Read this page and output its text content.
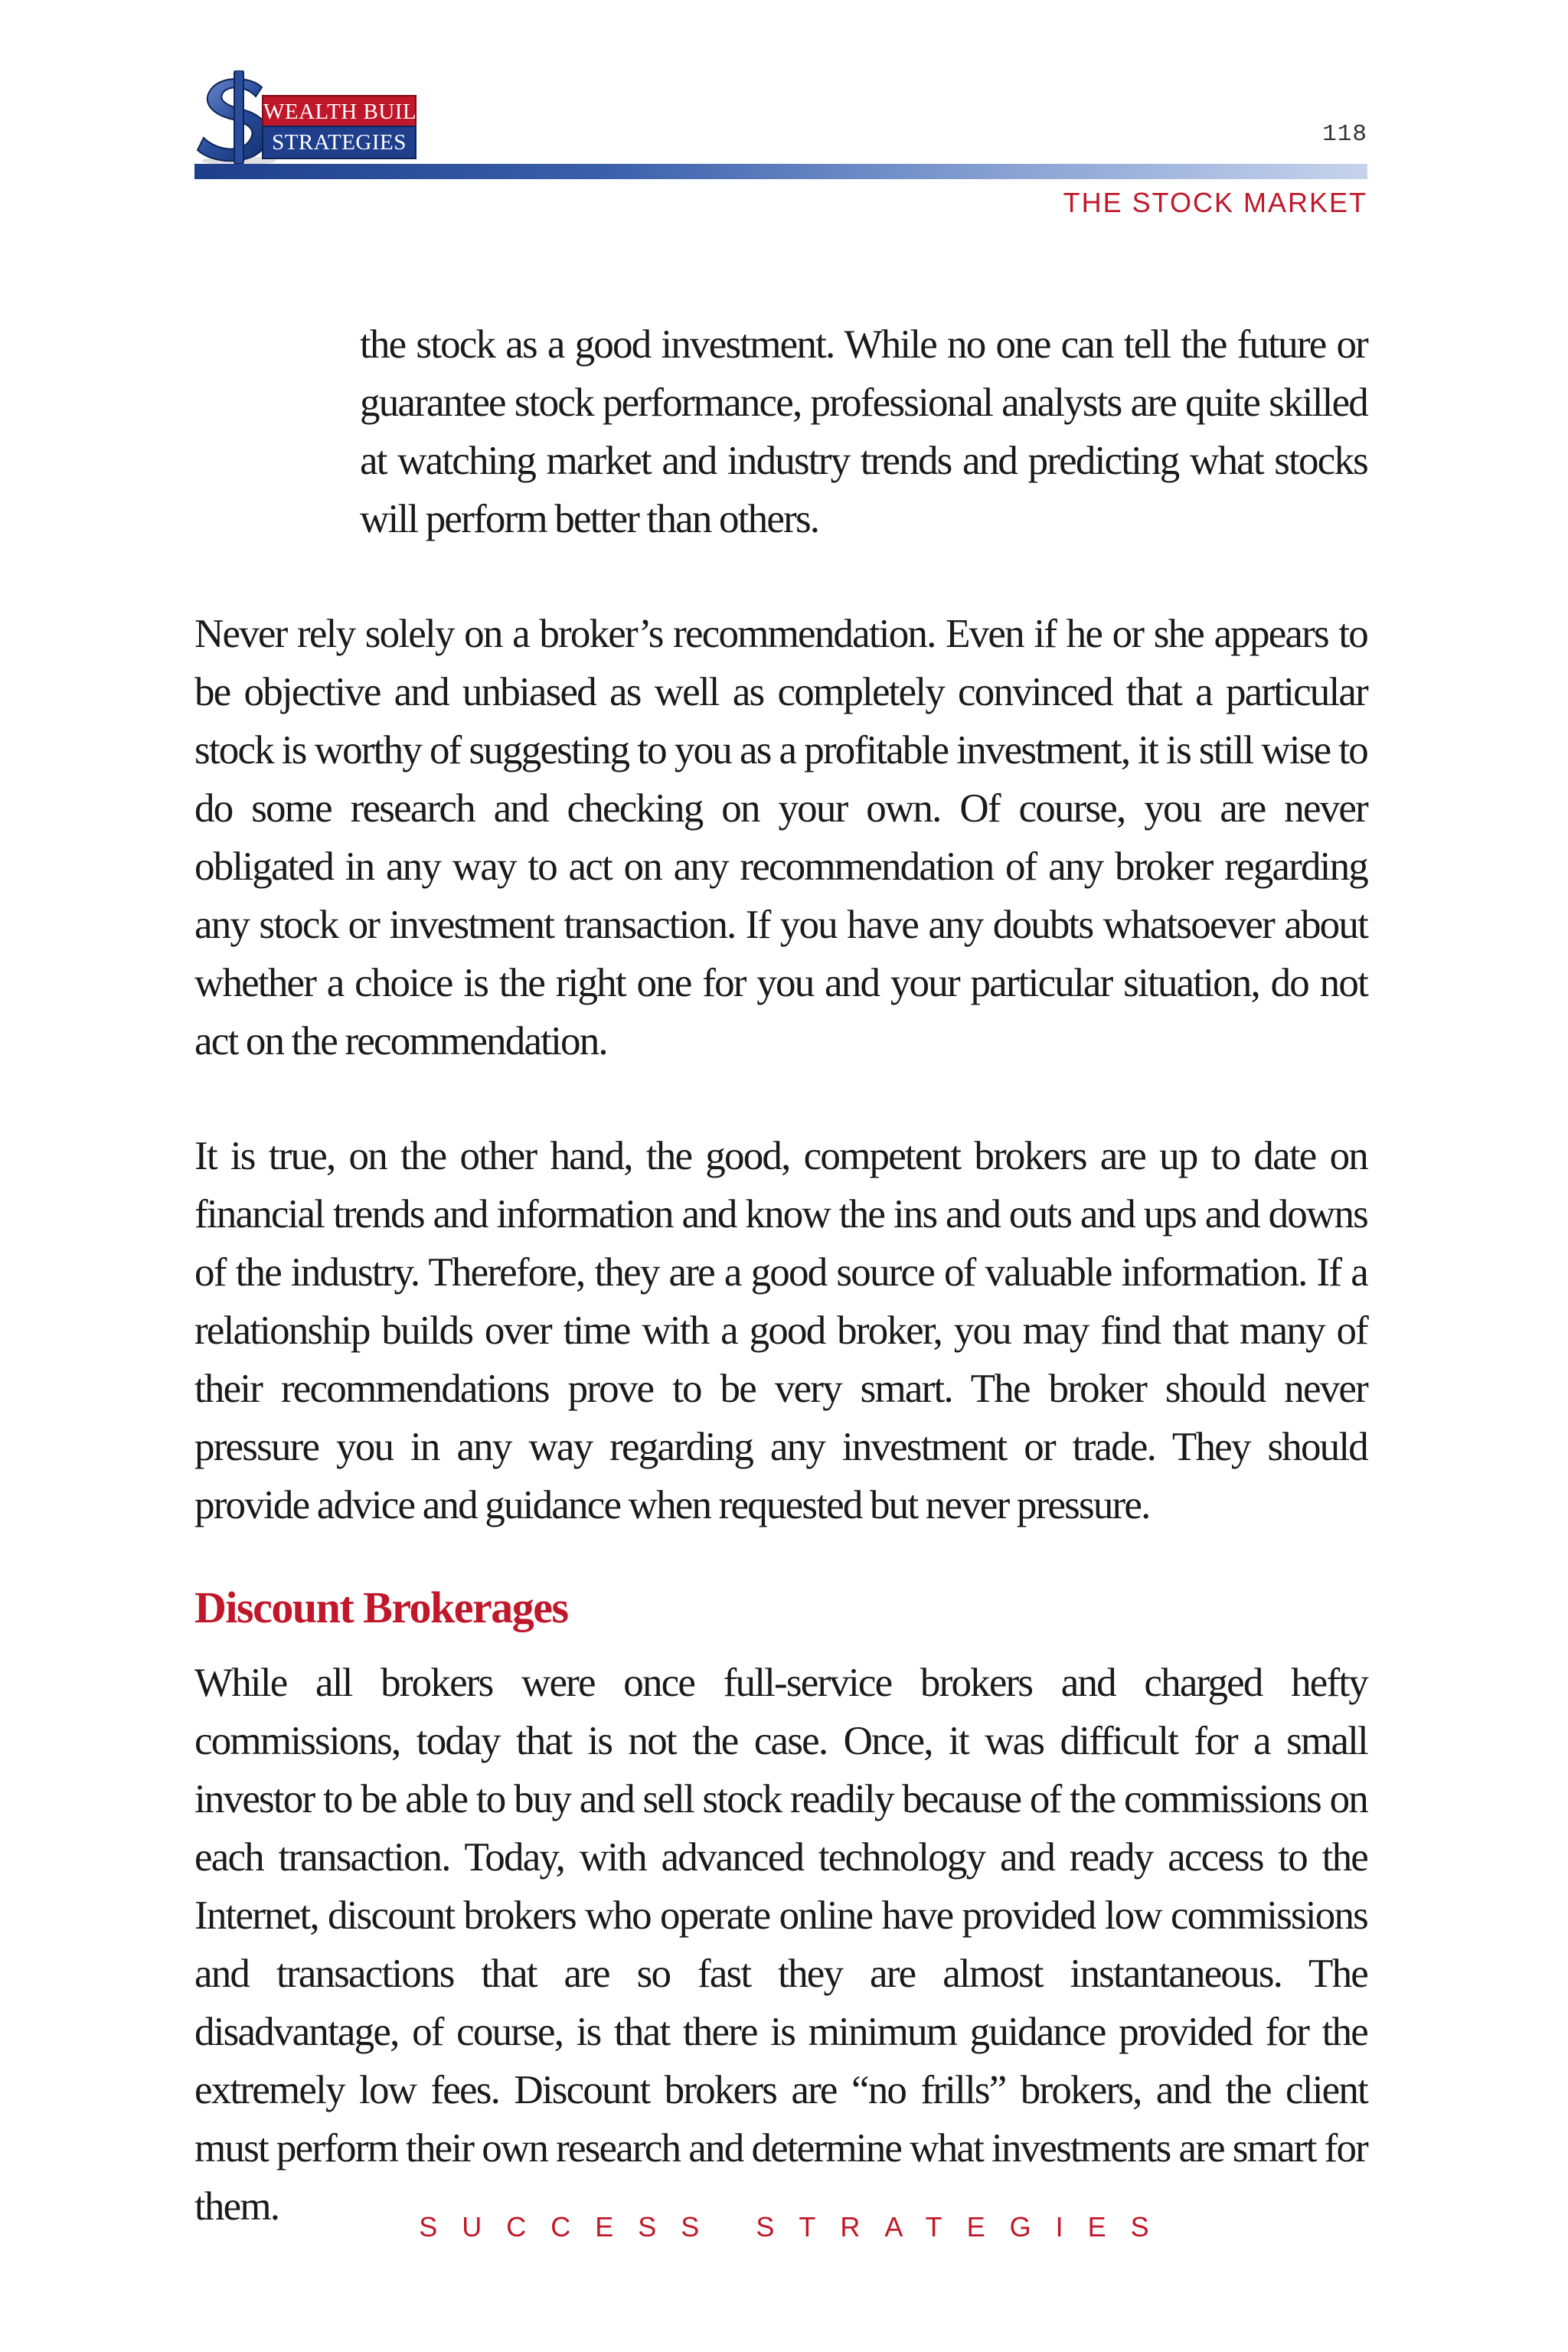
WEALTH BUILDING
STRATEGIES	118
THE STOCK MARKET

the stock as a good investment. While no one can tell the future or guarantee stock performance, professional analysts are quite skilled at watching market and industry trends and predicting what stocks will perform better than others.

Never rely solely on a broker’s recommendation. Even if he or she appears to be objective and unbiased as well as completely convinced that a particular stock is worthy of suggesting to you as a profitable investment, it is still wise to do some research and checking on your own. Of course, you are never obligated in any way to act on any recommendation of any broker regarding any stock or investment transaction. If you have any doubts whatsoever about whether a choice is the right one for you and your particular situation, do not act on the recommendation.

It is true, on the other hand, the good, competent brokers are up to date on financial trends and information and know the ins and outs and ups and downs of the industry. Therefore, they are a good source of valuable information. If a relationship builds over time with a good broker, you may find that many of their recommendations prove to be very smart. The broker should never pressure you in any way regarding any investment or trade. They should provide advice and guidance when requested but never pressure.

Discount Brokerages

While all brokers were once full-service brokers and charged hefty commissions, today that is not the case. Once, it was difficult for a small investor to be able to buy and sell stock readily because of the commissions on each transaction. Today, with advanced technology and ready access to the Internet, discount brokers who operate online have provided low commissions and transactions that are so fast they are almost instantaneous. The disadvantage, of course, is that there is minimum guidance provided for the extremely low fees. Discount brokers are “no frills” brokers, and the client must perform their own research and determine what investments are smart for them.	SUCCESS STRATEGIES
